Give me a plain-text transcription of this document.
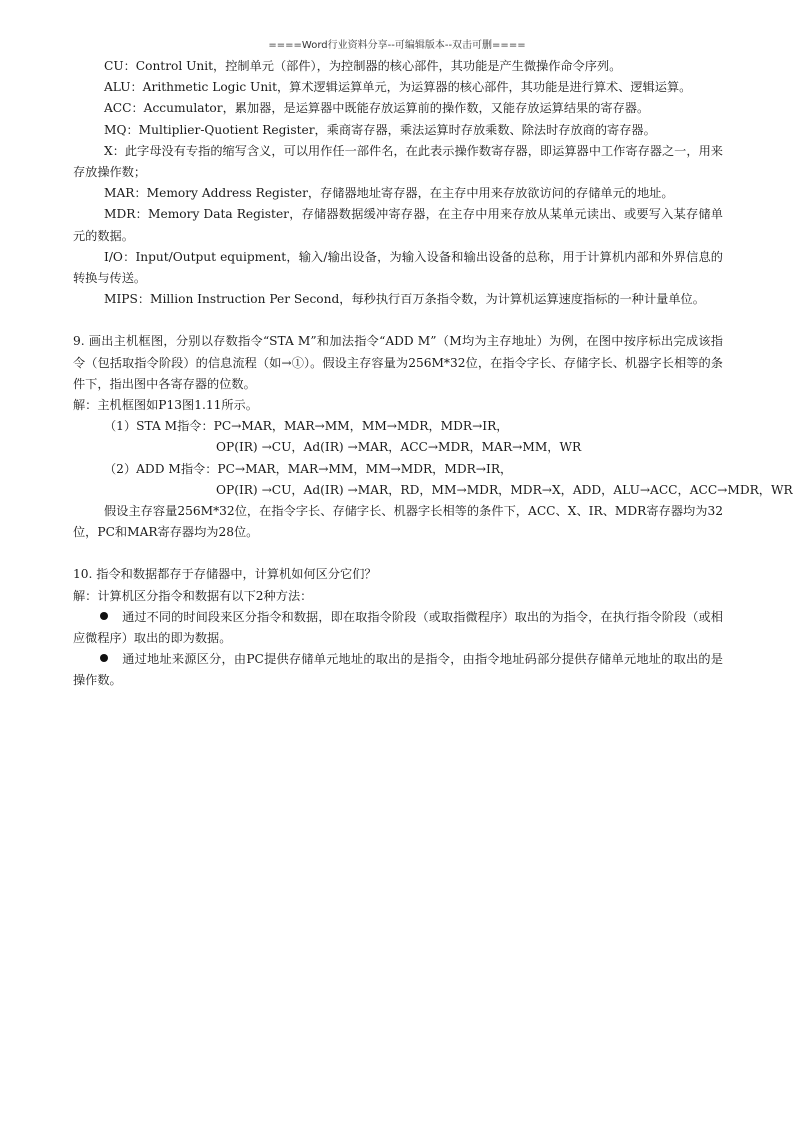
====Word行业资料分享--可编辑版本--双击可删====

CU：Control Unit，控制单元（部件），为控制器的核心部件，其功能是产生微操作命令序列。

ALU：Arithmetic Logic Unit，算术逻辑运算单元，为运算器的核心部件，其功能是进行算术、逻辑运算。

ACC：Accumulator，累加器，是运算器中既能存放运算前的操作数，又能存放运算结果的寄存器。

MQ：Multiplier-Quotient Register，乘商寄存器，乘法运算时存放乘数、除法时存放商的寄存器。

X：此字母没有专指的缩写含义，可以用作任一部件名，在此表示操作数寄存器，即运算器中工作寄存器之一，用来存放操作数；

MAR：Memory Address Register，存储器地址寄存器，在主存中用来存放欲访问的存储单元的地址。

MDR：Memory Data Register，存储器数据缓冲寄存器，在主存中用来存放从某单元读出、或要写入某存储单元的数据。

I/O：Input/Output equipment，输入/输出设备，为输入设备和输出设备的总称，用于计算机内部和外界信息的转换与传送。

MIPS：Million Instruction Per Second，每秒执行百万条指令数，为计算机运算速度指标的一种计量单位。

9. 画出主机框图，分别以存数指令“STA M”和加法指令“ADD M”（M均为主存地址）为例，在图中按序标出完成该指令（包括取指令阶段）的信息流程（如→①）。假设主存容量为256M*32位，在指令字长、存储字长、机器字长相等的条件下，指出图中各寄存器的位数。

解：主机框图如P13图1.11所示。

（1）STA M指令：PC→MAR，MAR→MM，MM→MDR，MDR→IR，

OP(IR) →CU，Ad(IR) →MAR，ACC→MDR，MAR→MM，WR

（2）ADD M指令：PC→MAR，MAR→MM，MM→MDR，MDR→IR，

OP(IR) →CU，Ad(IR) →MAR，RD，MM→MDR，MDR→X，ADD，ALU→ACC，ACC→MDR，WR

假设主存容量256M*32位，在指令字长、存储字长、机器字长相等的条件下，ACC、X、IR、MDR寄存器均为32位，PC和MAR寄存器均为28位。

10. 指令和数据都存于存储器中，计算机如何区分它们？

解：计算机区分指令和数据有以下2种方法：

通过不同的时间段来区分指令和数据，即在取指令阶段（或取指微程序）取出的为指令，在执行指令阶段（或相应微程序）取出的即为数据。

通过地址来源区分，由PC提供存储单元地址的取出的是指令，由指令地址码部分提供存储单元地址的取出的是操作数。
